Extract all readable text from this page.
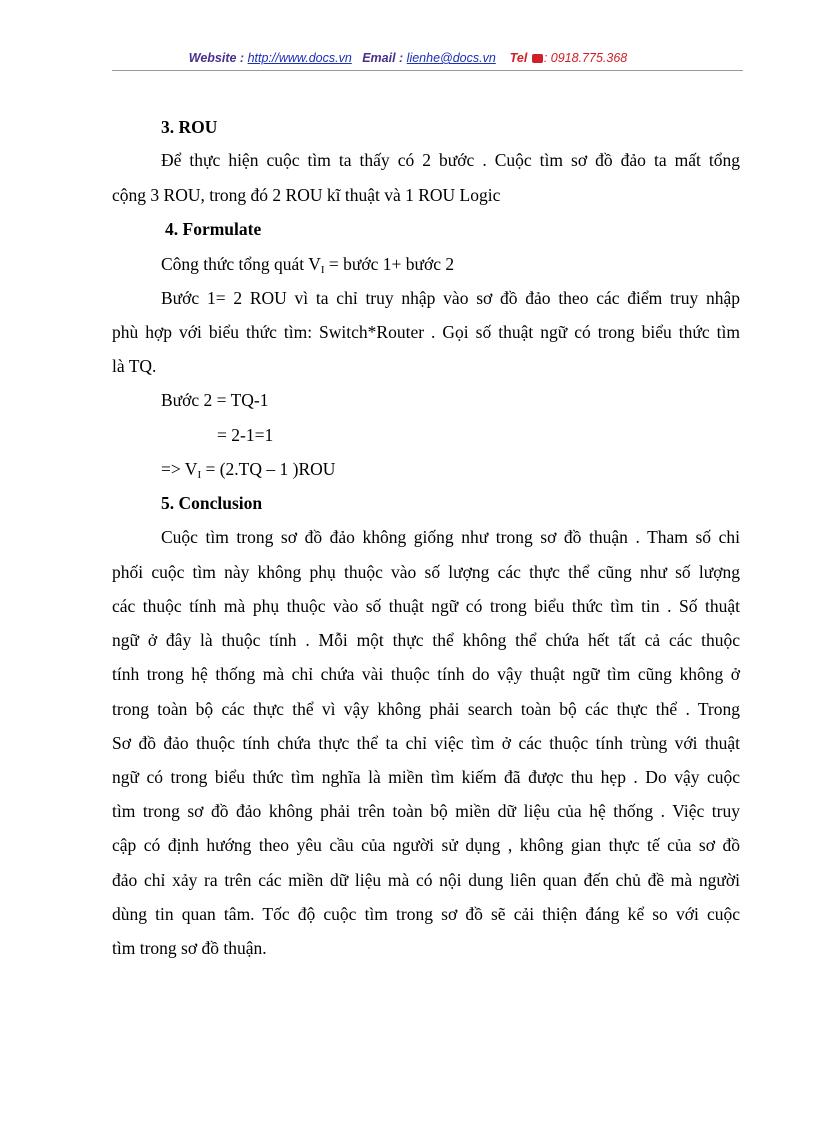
Website : http://www.docs.vn Email : lienhe@docs.vn Tel : 0918.775.368
3. ROU
Để thực hiện cuộc tìm ta thấy có 2 bước . Cuộc tìm sơ đồ đảo ta mất tổng
cộng 3 ROU, trong đó 2 ROU kĩ thuật và 1 ROU Logic
4. Formulate
Công thức tổng quát $V_I$ = bước 1+ bước 2
Bước 1= 2 ROU vì ta chỉ truy nhập vào sơ đồ đảo theo các điểm truy nhập
phù hợp với biểu thức tìm: Switch*Router . Gọi số thuật ngữ có trong biểu thức tìm
là TQ.
Bước 2 = TQ-1
= 2-1=1
=> $V_I = (2.TQ - 1$ )ROU
5. Conclusion
Cuộc tìm trong sơ đồ đảo không giống như trong sơ đồ thuận . Tham số chi
phối cuộc tìm này không phụ thuộc vào số lượng các thực thể cũng như số lượng
các thuộc tính mà phụ thuộc vào số thuật ngữ có trong biểu thức tìm tin . Số thuật
ngữ ở đây là thuộc tính . Mỗi một thực thể không thể chứa hết tất cả các thuộc
tính trong hệ thống mà chỉ chứa vài thuộc tính do vậy thuật ngữ tìm cũng không ở
trong toàn bộ các thực thể vì vậy không phải search toàn bộ các thực thể . Trong
Sơ đồ đảo thuộc tính chứa thực thể ta chỉ việc tìm ở các thuộc tính trùng với thuật
ngữ có trong biểu thức tìm nghĩa là miền tìm kiếm đã được thu hẹp . Do vậy cuộc
tìm trong sơ đồ đảo không phải trên toàn bộ miền dữ liệu của hệ thống . Việc truy
cập có định hướng theo yêu cầu của người sử dụng , không gian thực tế của sơ đồ
đảo chỉ xảy ra trên các miền dữ liệu mà có nội dung liên quan đến chủ đề mà người
dùng tin quan tâm. Tốc độ cuộc tìm trong sơ đồ sẽ cải thiện đáng kể so với cuộc
tìm trong sơ đồ thuận.
